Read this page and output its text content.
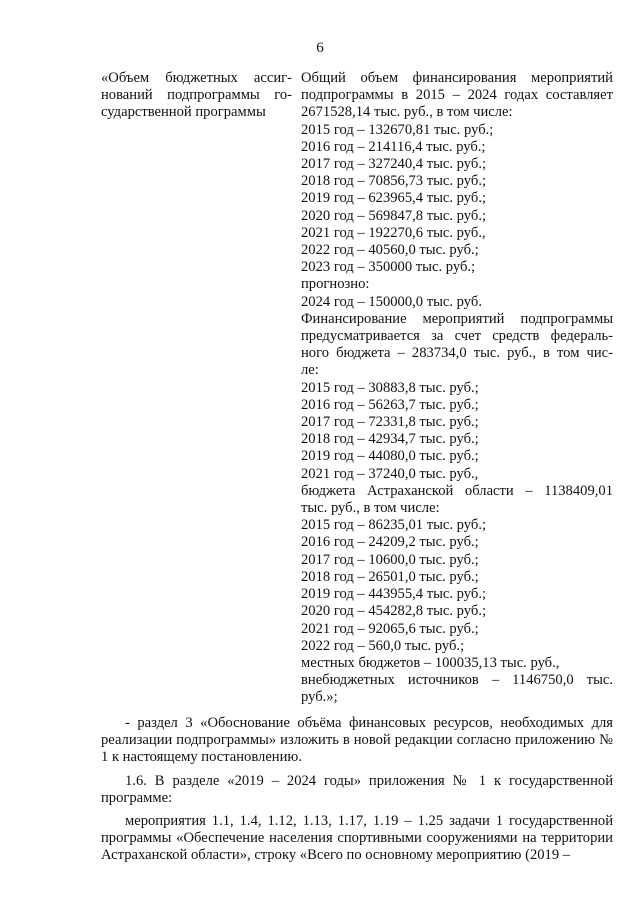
6
«Объем бюджетных ассигнований подпрограммы государственной программы
Общий объем финансирования мероприятий
подпрограммы в 2015 – 2024 годах составляет
2671528,14 тыс. руб., в том числе:
2015 год – 132670,81 тыс. руб.;
2016 год – 214116,4 тыс. руб.;
2017 год – 327240,4 тыс. руб.;
2018 год – 70856,73 тыс. руб.;
2019 год – 623965,4 тыс. руб.;
2020 год – 569847,8 тыс. руб.;
2021 год – 192270,6 тыс. руб.,
2022 год – 40560,0 тыс. руб.;
2023 год – 350000 тыс. руб.;
прогнозно:
2024 год – 150000,0 тыс. руб.
Финансирование мероприятий подпрограммы
предусматривается за счет средств федераль-
ного бюджета – 283734,0 тыс. руб., в том чис-
ле:
2015 год – 30883,8 тыс. руб.;
2016 год – 56263,7 тыс. руб.;
2017 год – 72331,8 тыс. руб.;
2018 год – 42934,7 тыс. руб.;
2019 год – 44080,0 тыс. руб.;
2021 год – 37240,0 тыс. руб.,
бюджета Астраханской области – 1138409,01
тыс. руб., в том числе:
2015 год – 86235,01 тыс. руб.;
2016 год – 24209,2 тыс. руб.;
2017 год – 10600,0 тыс. руб.;
2018 год – 26501,0 тыс. руб.;
2019 год – 443955,4 тыс. руб.;
2020 год – 454282,8 тыс. руб.;
2021 год – 92065,6 тыс. руб.;
2022 год – 560,0 тыс. руб.;
местных бюджетов – 100035,13 тыс. руб.,
внебюджетных источников – 1146750,0 тыс.
руб.»;

- раздел 3 «Обоснование объёма финансовых ресурсов, необходимых для реализации подпрограммы» изложить в новой редакции согласно приложению № 1 к настоящему постановлению.

1.6. В разделе «2019 – 2024 годы» приложения № 1 к государственной программе:

мероприятия 1.1, 1.4, 1.12, 1.13, 1.17, 1.19 – 1.25 задачи 1 государственной программы «Обеспечение населения спортивными сооружениями на территории Астраханской области», строку «Всего по основному мероприятию (2019 –
